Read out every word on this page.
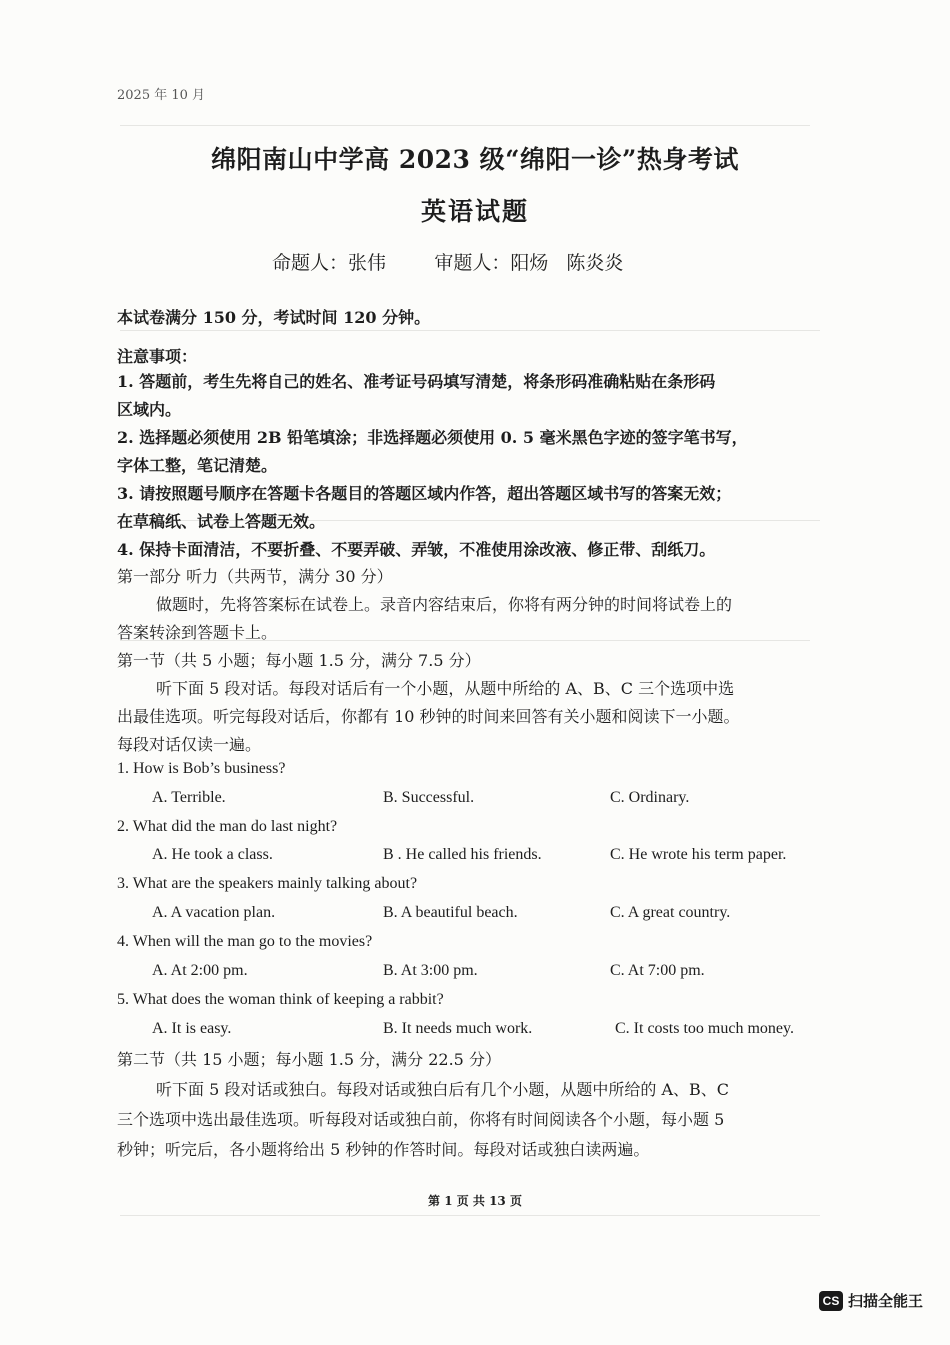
2025 年 10 月
绵阳南山中学高 2023 级“绵阳一诊”热身考试
英语试题
命题人：张伟        审题人：阳炀   陈炎炎
本试卷满分 150 分，考试时间 120 分钟。
注意事项：
1. 答题前，考生先将自己的姓名、准考证号码填写清楚，将条形码准确粘贴在条形码
区域内。
2. 选择题必须使用 2B 铅笔填涂；非选择题必须使用 0. 5 毫米黑色字迹的签字笔书写，
字体工整，笔记清楚。
3. 请按照题号顺序在答题卡各题目的答题区域内作答，超出答题区域书写的答案无效；
在草稿纸、试卷上答题无效。
4. 保持卡面清洁，不要折叠、不要弄破、弄皱，不准使用涂改液、修正带、刮纸刀。
第一部分 听力（共两节，满分 30 分）
做题时，先将答案标在试卷上。录音内容结束后，你将有两分钟的时间将试卷上的
答案转涂到答题卡上。
第一节（共 5 小题；每小题 1.5 分，满分 7.5 分）
听下面 5 段对话。每段对话后有一个小题，从题中所给的 A、B、C 三个选项中选
出最佳选项。听完每段对话后，你都有 10 秒钟的时间来回答有关小题和阅读下一小题。
每段对话仅读一遍。
1. How is Bob’s business?
A. Terrible.	B. Successful.	C. Ordinary.
2. What did the man do last night?
A. He took a class.	B . He called his friends.	C. He wrote his term paper.
3. What are the speakers mainly talking about?
A. A vacation plan.	B. A beautiful beach.	C. A great country.
4. When will the man go to the movies?
A. At 2:00 pm.	B. At 3:00 pm.	C. At 7:00 pm.
5. What does the woman think of keeping a rabbit?
A. It is easy.	B. It needs much work.	C. It costs too much money.
第二节（共 15 小题；每小题 1.5 分，满分 22.5 分）
听下面 5 段对话或独白。每段对话或独白后有几个小题，从题中所给的 A、B、C
三个选项中选出最佳选项。听每段对话或独白前，你将有时间阅读各个小题，每小题 5
秒钟；听完后，各小题将给出 5 秒钟的作答时间。每段对话或独白读两遍。
第 1 页 共 13 页
CS 扫描全能王
